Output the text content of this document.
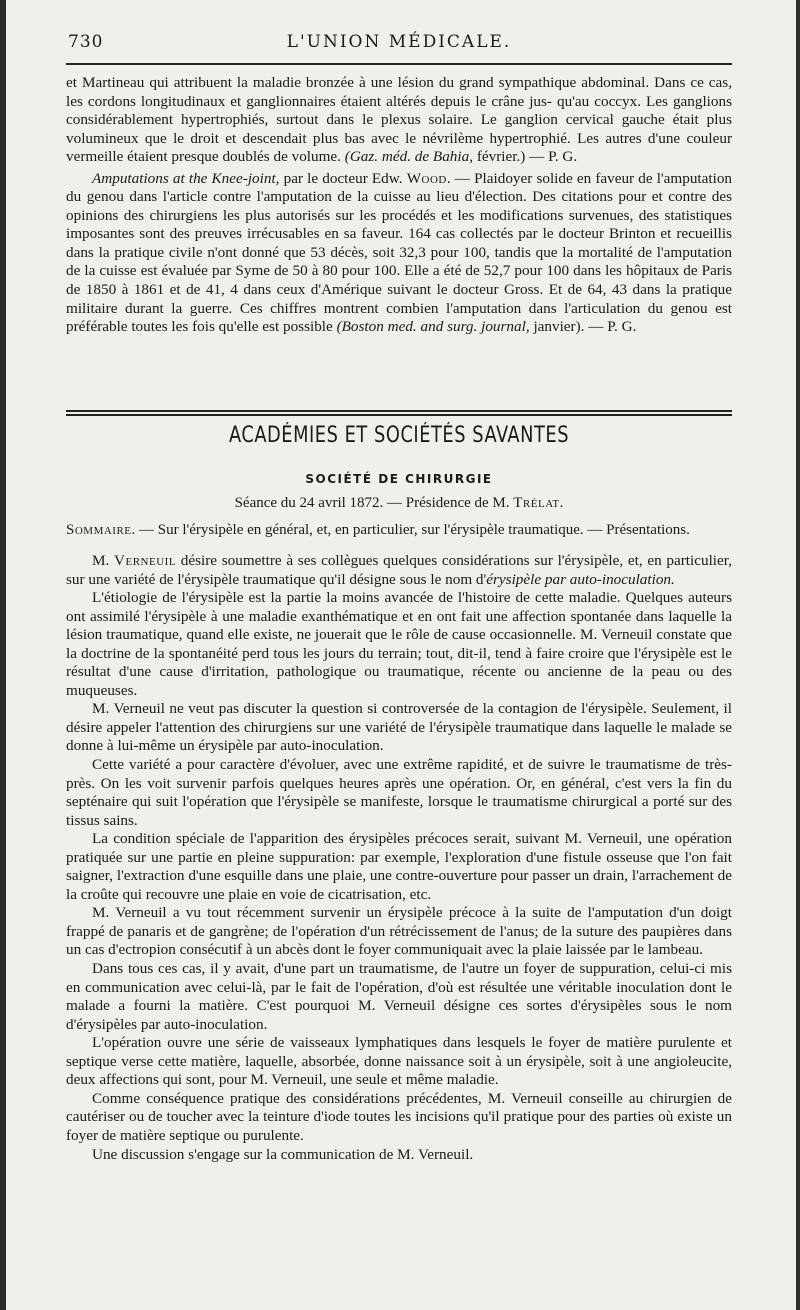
730	L'UNION MÉDICALE.

et Martineau qui attribuent la maladie bronzée à une lésion du grand sympathique abdominal. Dans ce cas, les cordons longitudinaux et ganglionnaires étaient altérés depuis le crâne jus- qu'au coccyx. Les ganglions considérablement hypertrophiés, surtout dans le plexus solaire. Le ganglion cervical gauche était plus volumineux que le droit et descendait plus bas avec le névrilème hypertrophié. Les autres d'une couleur vermeille étaient presque doublés de volume. (Gaz. méd. de Bahia, février.) — P. G.

Amputations at the Knee-joint, par le docteur Edw. Wood. — Plaidoyer solide en faveur de l'amputation du genou dans l'article contre l'amputation de la cuisse au lieu d'élection. Des citations pour et contre des opinions des chirurgiens les plus autorisés sur les procédés et les modifications survenues, des statistiques imposantes sont des preuves irrécusables en sa faveur. 164 cas collectés par le docteur Brinton et recueillis dans la pratique civile n'ont donné que 53 décès, soit 32,3 pour 100, tandis que la mortalité de l'amputation de la cuisse est évaluée par Syme de 50 à 80 pour 100. Elle a été de 52,7 pour 100 dans les hôpitaux de Paris de 1850 à 1861 et de 41, 4 dans ceux d'Amérique suivant le docteur Gross. Et de 64, 43 dans la pratique militaire durant la guerre. Ces chiffres montrent combien l'amputation dans l'articulation du genou est préférable toutes les fois qu'elle est possible (Boston med. and surg. journal, janvier). — P. G.

ACADÉMIES ET SOCIÉTÉS SAVANTES
SOCIÉTÉ DE CHIRURGIE
Séance du 24 avril 1872. — Présidence de M. Trélat.
Sommaire. — Sur l'érysipèle en général, et, en particulier, sur l'érysipèle traumatique. — Présentations.

M. Verneuil désire soumettre à ses collègues quelques considérations sur l'érysipèle, et, en particulier, sur une variété de l'érysipèle traumatique qu'il désigne sous le nom d'érysipèle par auto-inoculation.

L'étiologie de l'érysipèle est la partie la moins avancée de l'histoire de cette maladie. Quelques auteurs ont assimilé l'érysipèle à une maladie exanthématique et en ont fait une affection spontanée dans laquelle la lésion traumatique, quand elle existe, ne jouerait que le rôle de cause occasionnelle. M. Verneuil constate que la doctrine de la spontanéité perd tous les jours du terrain; tout, dit-il, tend à faire croire que l'érysipèle est le résultat d'une cause d'irritation, pathologique ou traumatique, récente ou ancienne de la peau ou des muqueuses.

M. Verneuil ne veut pas discuter la question si controversée de la contagion de l'érysipèle. Seulement, il désire appeler l'attention des chirurgiens sur une variété de l'érysipèle traumatique dans laquelle le malade se donne à lui-même un érysipèle par auto-inoculation.

Cette variété a pour caractère d'évoluer, avec une extrême rapidité, et de suivre le traumatisme de très-près. On les voit survenir parfois quelques heures après une opération. Or, en général, c'est vers la fin du septénaire qui suit l'opération que l'érysipèle se manifeste, lorsque le traumatisme chirurgical a porté sur des tissus sains.

La condition spéciale de l'apparition des érysipèles précoces serait, suivant M. Verneuil, une opération pratiquée sur une partie en pleine suppuration: par exemple, l'exploration d'une fistule osseuse que l'on fait saigner, l'extraction d'une esquille dans une plaie, une contre-ouverture pour passer un drain, l'arrachement de la croûte qui recouvre une plaie en voie de cicatrisation, etc.

M. Verneuil a vu tout récemment survenir un érysipèle précoce à la suite de l'amputation d'un doigt frappé de panaris et de gangrène; de l'opération d'un rétrécissement de l'anus; de la suture des paupières dans un cas d'ectropion consécutif à un abcès dont le foyer communiquait avec la plaie laissée par le lambeau.

Dans tous ces cas, il y avait, d'une part un traumatisme, de l'autre un foyer de suppuration, celui-ci mis en communication avec celui-là, par le fait de l'opération, d'où est résultée une véritable inoculation dont le malade a fourni la matière. C'est pourquoi M. Verneuil désigne ces sortes d'érysipèles sous le nom d'érysipèles par auto-inoculation.

L'opération ouvre une série de vaisseaux lymphatiques dans lesquels le foyer de matière purulente et septique verse cette matière, laquelle, absorbée, donne naissance soit à un érysipèle, soit à une angioleucite, deux affections qui sont, pour M. Verneuil, une seule et même maladie.

Comme conséquence pratique des considérations précédentes, M. Verneuil conseille au chirurgien de cautériser ou de toucher avec la teinture d'iode toutes les incisions qu'il pratique pour des parties où existe un foyer de matière septique ou purulente.

Une discussion s'engage sur la communication de M. Verneuil.
